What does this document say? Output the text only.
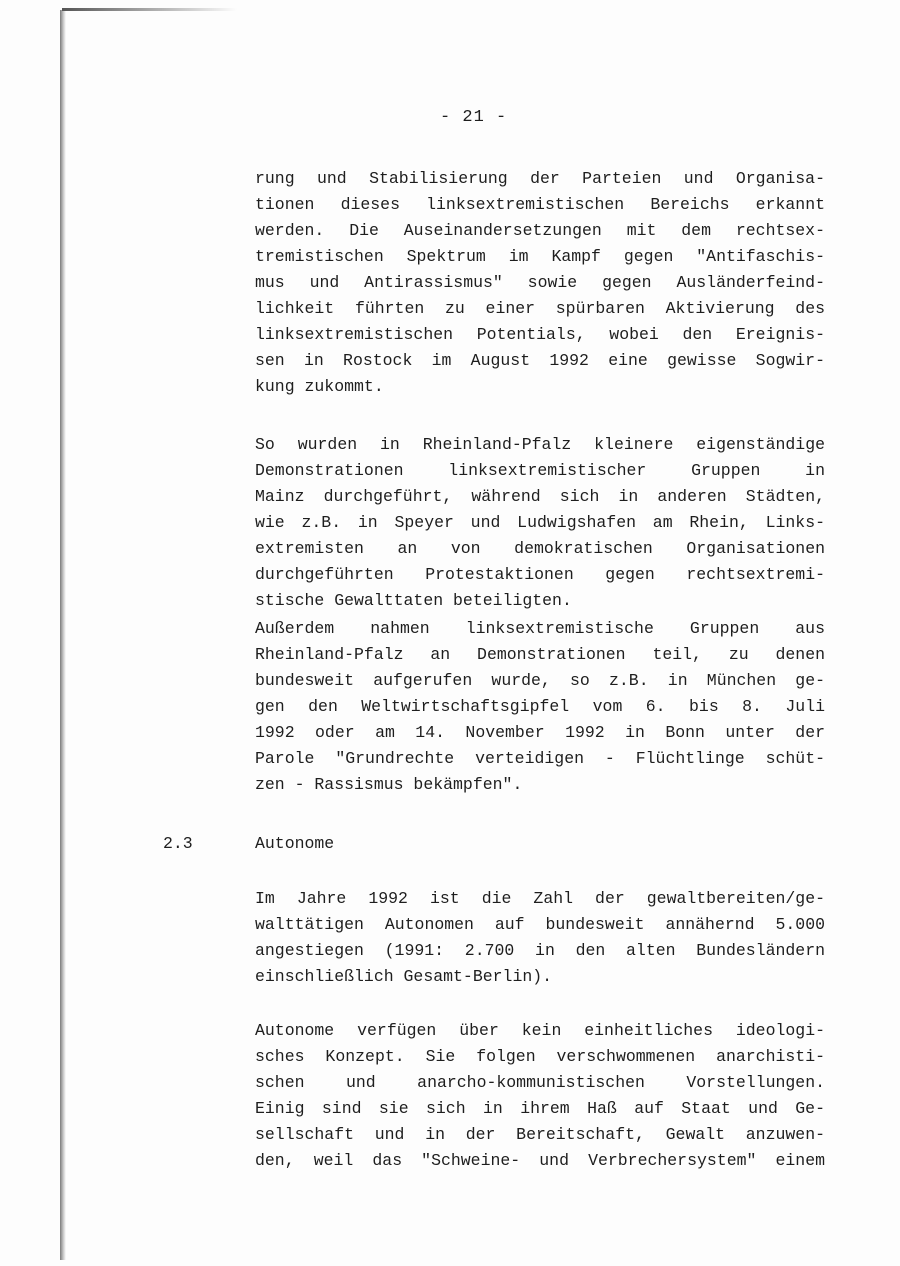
- 21 -
rung und Stabilisierung der Parteien und Organisa-
tionen dieses linksextremistischen Bereichs erkannt
werden. Die Auseinandersetzungen mit dem rechtsex-
tremistischen Spektrum im Kampf gegen "Antifaschis-
mus und Antirassismus" sowie gegen Ausländerfeind-
lichkeit führten zu einer spürbaren Aktivierung des
linksextremistischen Potentials, wobei den Ereignis-
sen in Rostock im August 1992 eine gewisse Sogwir-
kung zukommt.
So wurden in Rheinland-Pfalz kleinere eigenständige
Demonstrationen linksextremistischer Gruppen in
Mainz durchgeführt, während sich in anderen Städten,
wie z.B. in Speyer und Ludwigshafen am Rhein, Links-
extremisten an von demokratischen Organisationen
durchgeführten Protestaktionen gegen rechtsextremi-
stische Gewalttaten beteiligten.
Außerdem nahmen linksextremistische Gruppen aus
Rheinland-Pfalz an Demonstrationen teil, zu denen
bundesweit aufgerufen wurde, so z.B. in München ge-
gen den Weltwirtschaftsgipfel vom 6. bis 8. Juli
1992 oder am 14. November 1992 in Bonn unter der
Parole "Grundrechte verteidigen - Flüchtlinge schüt-
zen - Rassismus bekämpfen".
2.3	Autonome
Im Jahre 1992 ist die Zahl der gewaltbereiten/ge-
walttätigen Autonomen auf bundesweit annähernd 5.000
angestiegen (1991: 2.700 in den alten Bundesländern
einschließlich Gesamt-Berlin).
Autonome verfügen über kein einheitliches ideologi-
sches Konzept. Sie folgen verschwommenen anarchisti-
schen und anarcho-kommunistischen Vorstellungen.
Einig sind sie sich in ihrem Haß auf Staat und Ge-
sellschaft und in der Bereitschaft, Gewalt anzuwen-
den, weil das "Schweine- und Verbrechersystem" einem
